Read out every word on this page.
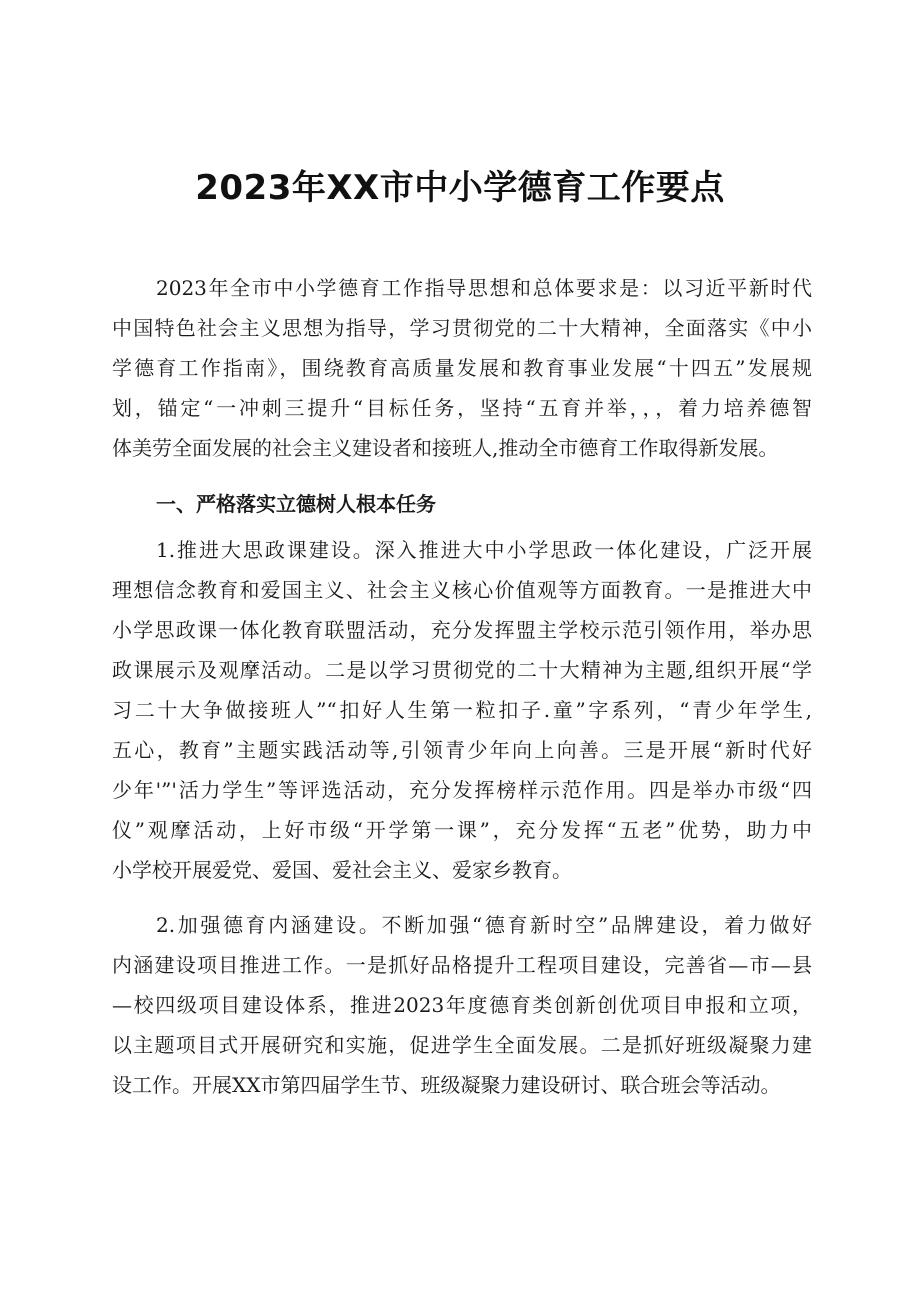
2023年XX市中小学德育工作要点
2023年全市中小学德育工作指导思想和总体要求是：以习近平新时代
中国特色社会主义思想为指导，学习贯彻党的二十大精神，全面落实《中小
学德育工作指南》，围绕教育高质量发展和教育事业发展“十四五”发展规
划，锚定“一冲刺三提升“目标任务，坚持“五育并举，，，着力培养德智
体美劳全面发展的社会主义建设者和接班人,推动全市德育工作取得新发展。
一、严格落实立德树人根本任务
1.推进大思政课建设。深入推进大中小学思政一体化建设，广泛开展
理想信念教育和爱国主义、社会主义核心价值观等方面教育。一是推进大中
小学思政课一体化教育联盟活动，充分发挥盟主学校示范引领作用，举办思
政课展示及观摩活动。二是以学习贯彻党的二十大精神为主题,组织开展“学
习二十大争做接班人”“扣好人生第一粒扣子.童”字系列，“青少年学生,
五心，教育”主题实践活动等,引领青少年向上向善。三是开展“新时代好
少年'”'活力学生”等评选活动，充分发挥榜样示范作用。四是举办市级“四
仪”观摩活动，上好市级“开学第一课”，充分发挥“五老”优势，助力中
小学校开展爱党、爱国、爱社会主义、爱家乡教育。
2.加强德育内涵建设。不断加强“德育新时空”品牌建设，着力做好
内涵建设项目推进工作。一是抓好品格提升工程项目建设，完善省—市—县
—校四级项目建设体系，推进2023年度德育类创新创优项目申报和立项，
以主题项目式开展研究和实施，促进学生全面发展。二是抓好班级凝聚力建
设工作。开展XX市第四届学生节、班级凝聚力建设研讨、联合班会等活动。
